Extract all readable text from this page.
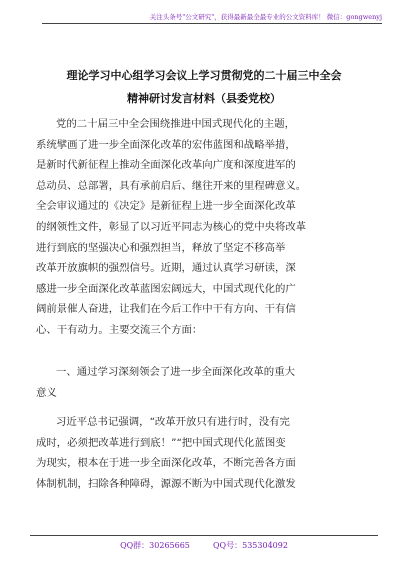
关注头条号"公文研究"，获得最新最全最专业的公文资料库！ 微信：gongwenyj
理论学习中心组学习会议上学习贯彻党的二十届三中全会
精神研讨发言材料（县委党校）
党的二十届三中全会围绕推进中国式现代化的主题，
系统擘画了进一步全面深化改革的宏伟蓝图和战略举措，
是新时代新征程上推动全面深化改革向广度和深度进军的
总动员、总部署，具有承前启后、继往开来的里程碑意义。
全会审议通过的《决定》是新征程上进一步全面深化改革
的纲领性文件，彰显了以习近平同志为核心的党中央将改革
进行到底的坚强决心和强烈担当，释放了坚定不移高举
改革开放旗帜的强烈信号。近期，通过认真学习研读，深
感进一步全面深化改革蓝图宏阔远大，中国式现代化的广
阔前景催人奋进，让我们在今后工作中干有方向、干有信
心、干有动力。主要交流三个方面：
一、通过学习深刻领会了进一步全面深化改革的重大
意义
习近平总书记强调，“改革开放只有进行时，没有完
成时，必须把改革进行到底！”“把中国式现代化蓝图变
为现实，根本在于进一步全面深化改革，不断完善各方面
体制机制，扫除各种障碍，源源不断为中国式现代化激发
QQ群：30265665	QQ号：535304092
